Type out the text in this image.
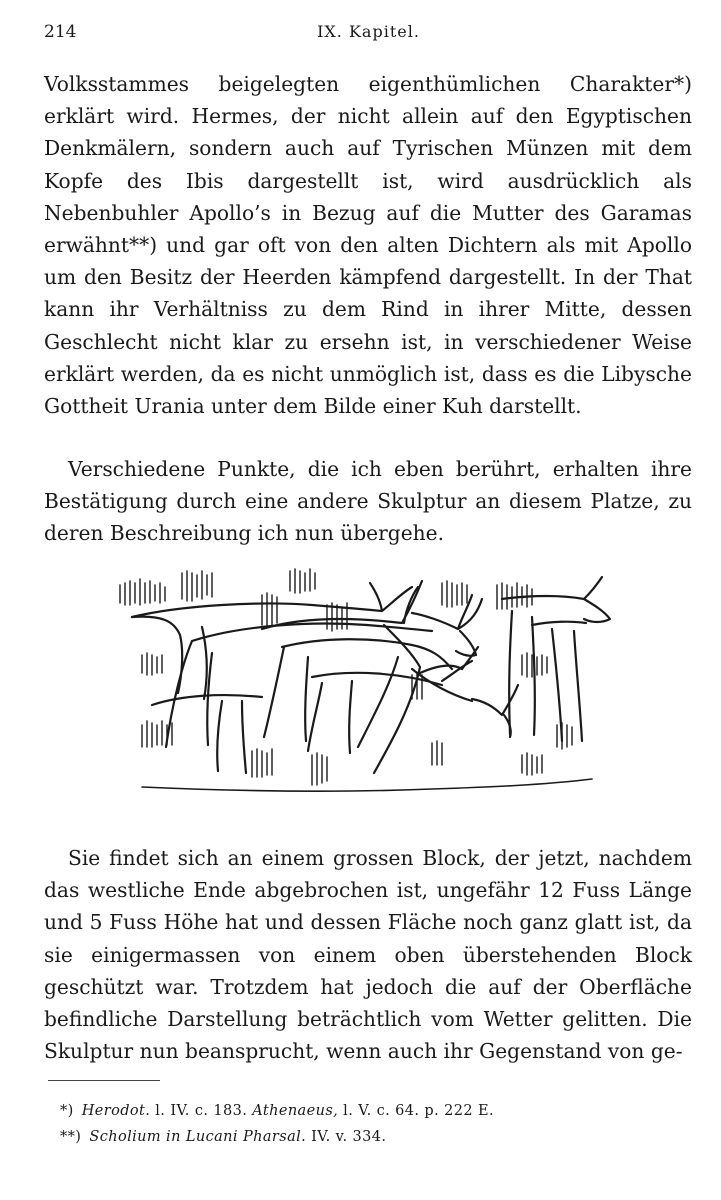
214	IX. Kapitel.

Volksstammes beigelegten eigenthümlichen Charakter*) erklärt wird. Hermes, der nicht allein auf den Egyptischen Denkmälern, sondern auch auf Tyrischen Münzen mit dem Kopfe des Ibis dargestellt ist, wird ausdrücklich als Nebenbuhler Apollo’s in Bezug auf die Mutter des Garamas erwähnt**) und gar oft von den alten Dichtern als mit Apollo um den Besitz der Heerden kämpfend dargestellt. In der That kann ihr Verhältniss zu dem Rind in ihrer Mitte, dessen Geschlecht nicht klar zu ersehn ist, in verschiedener Weise erklärt werden, da es nicht unmöglich ist, dass es die Libysche Gottheit Urania unter dem Bilde einer Kuh darstellt.

Verschiedene Punkte, die ich eben berührt, erhalten ihre Bestätigung durch eine andere Skulptur an diesem Platze, zu deren Beschreibung ich nun übergehe.

Sie findet sich an einem grossen Block, der jetzt, nachdem das westliche Ende abgebrochen ist, ungefähr 12 Fuss Länge und 5 Fuss Höhe hat und dessen Fläche noch ganz glatt ist, da sie einigermassen von einem oben überstehenden Block geschützt war. Trotzdem hat jedoch die auf der Oberfläche befindliche Darstellung beträchtlich vom Wetter gelitten. Die Skulptur nun beansprucht, wenn auch ihr Gegenstand von ge-

*) Herodot. l. IV. c. 183. Athenaeus, l. V. c. 64. p. 222 E.
**) Scholium in Lucani Pharsal. IV. v. 334.
